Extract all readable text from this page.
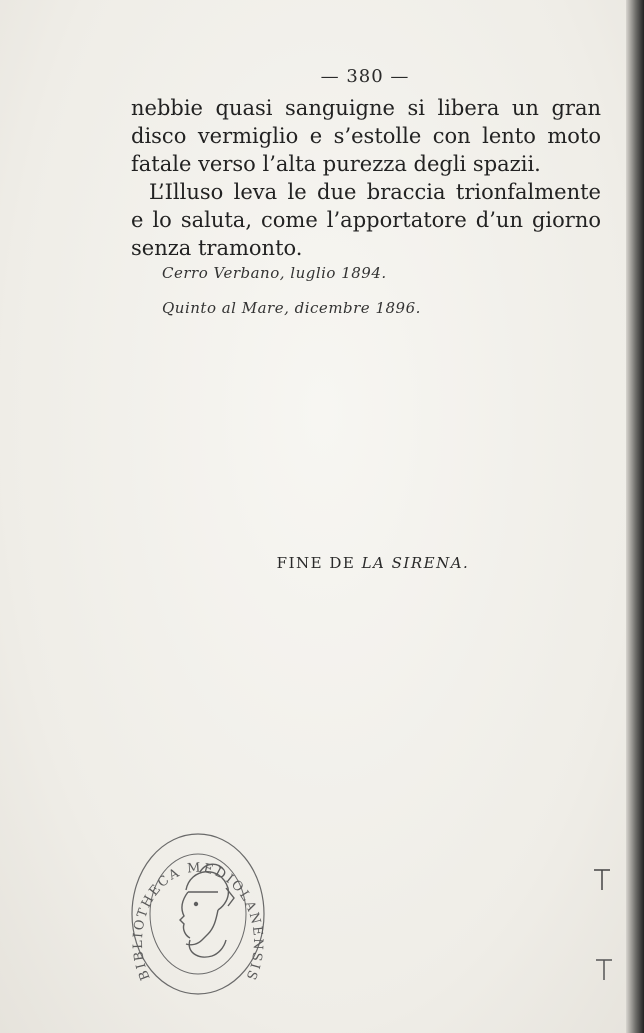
— 380 —

nebbie quasi sanguigne si libera un gran disco vermiglio e s’estolle con lento moto fatale verso l’alta purezza degli spazii.

L’Illuso leva le due braccia trionfalmente e lo saluta, come l’apportatore d’un giorno senza tramonto.

Cerro Verbano, luglio 1894.
Quinto al Mare, dicembre 1896.
FINE DE LA SIRENA.
BIBLIOTHECA MEDIOLANENSIS
